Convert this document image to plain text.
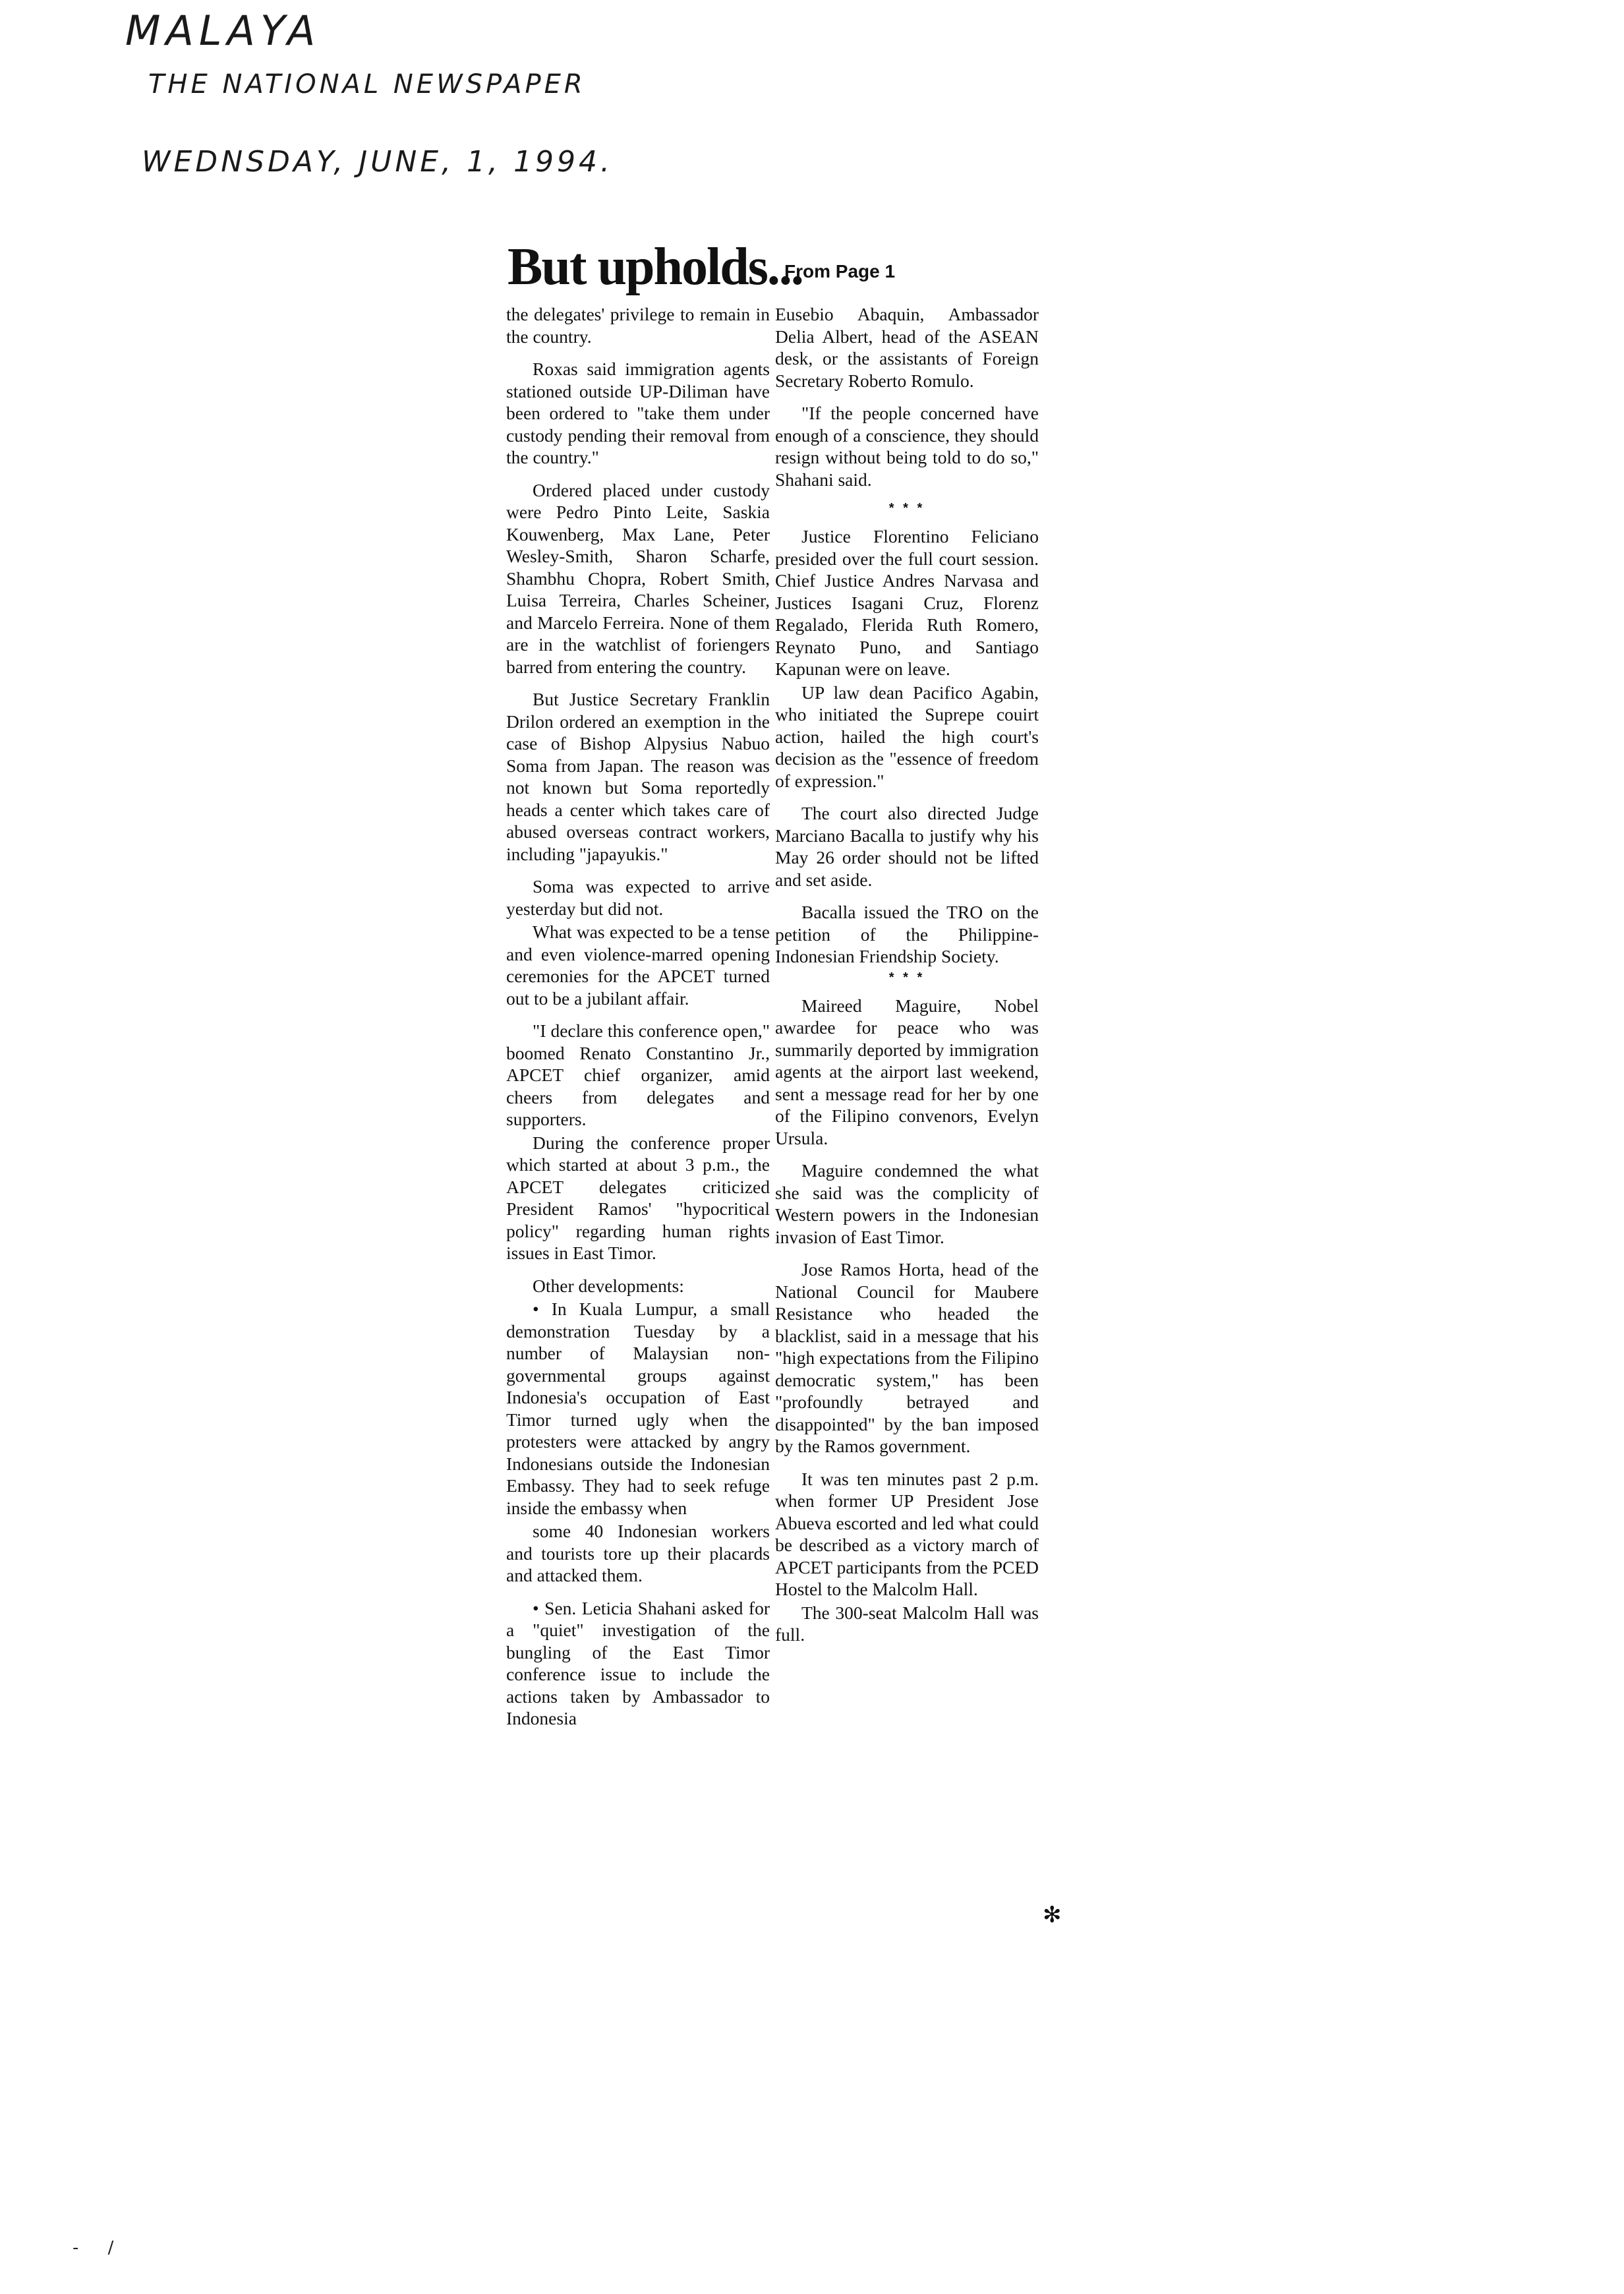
MALAYA
THE NATIONAL NEWSPAPER
WEDNSDAY, JUNE, 1, 1994.
But upholds...
From Page 1

the delegates' privilege to remain in the country.

Roxas said immigration agents stationed outside UP-Diliman have been ordered to "take them under custody pending their removal from the country."

Ordered placed under custody were Pedro Pinto Leite, Saskia Kouwenberg, Max Lane, Peter Wesley-Smith, Sharon Scharfe, Shambhu Chopra, Robert Smith, Luisa Terreira, Charles Scheiner, and Marcelo Ferreira. None of them are in the watchlist of foriengers barred from entering the country.

But Justice Secretary Franklin Drilon ordered an exemption in the case of Bishop Alpysius Nabuo Soma from Japan. The reason was not known but Soma reportedly heads a center which takes care of abused overseas contract workers, including "japayukis."

Soma was expected to arrive yesterday but did not.

What was expected to be a tense and even violence-marred opening ceremonies for the APCET turned out to be a jubilant affair.

"I declare this conference open," boomed Renato Constantino Jr., APCET chief organizer, amid cheers from delegates and supporters.

During the conference proper which started at about 3 p.m., the APCET delegates criticized President Ramos' "hypocritical policy" regarding human rights issues in East Timor.

Other developments:

• In Kuala Lumpur, a small demonstration Tuesday by a number of Malaysian non-governmental groups against Indonesia's occupation of East Timor turned ugly when the protesters were attacked by angry Indonesians outside the Indonesian Embassy. They had to seek refuge inside the embassy when

some 40 Indonesian workers and tourists tore up their placards and attacked them.

• Sen. Leticia Shahani asked for a "quiet" investigation of the bungling of the East Timor conference issue to include the actions taken by Ambassador to Indonesia

Eusebio Abaquin, Ambassador Delia Albert, head of the ASEAN desk, or the assistants of Foreign Secretary Roberto Romulo.

"If the people concerned have enough of a conscience, they should resign without being told to do so," Shahani said.

* * *

Justice Florentino Feliciano presided over the full court session. Chief Justice Andres Narvasa and Justices Isagani Cruz, Florenz Regalado, Flerida Ruth Romero, Reynato Puno, and Santiago Kapunan were on leave.

UP law dean Pacifico Agabin, who initiated the Suprepe couirt action, hailed the high court's decision as the "essence of freedom of expression."

The court also directed Judge Marciano Bacalla to justify why his May 26 order should not be lifted and set aside.

Bacalla issued the TRO on the petition of the Philippine-Indonesian Friendship Society.

* * *

Maireed Maguire, Nobel awardee for peace who was summarily deported by immigration agents at the airport last weekend, sent a message read for her by one of the Filipino convenors, Evelyn Ursula.

Maguire condemned the what she said was the complicity of Western powers in the Indonesian invasion of East Timor.

Jose Ramos Horta, head of the National Council for Maubere Resistance who headed the blacklist, said in a message that his "high expectations from the Filipino democratic system," has been "profoundly betrayed and disappointed" by the ban imposed by the Ramos government.

It was ten minutes past 2 p.m. when former UP President Jose Abueva escorted and led what could be described as a victory march of APCET participants from the PCED Hostel to the Malcolm Hall.

The 300-seat Malcolm Hall was full.

✻
- /
